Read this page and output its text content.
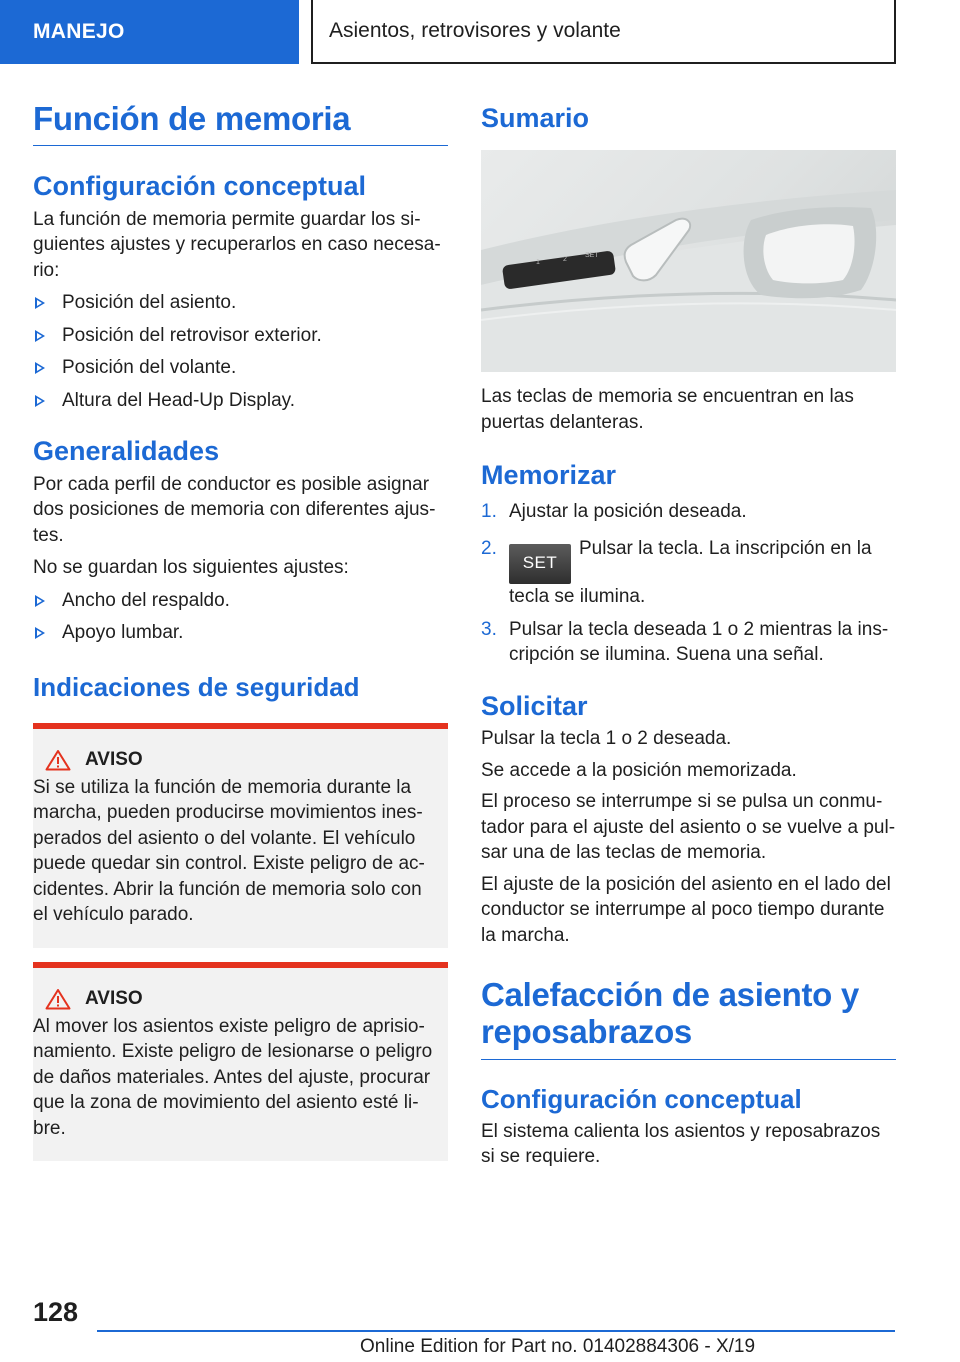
MANEJO	Asientos, retrovisores y volante
Función de memoria
Configuración conceptual

La función de memoria permite guardar los siguientes ajustes y recuperarlos en caso necesario:

Posición del asiento.
Posición del retrovisor exterior.
Posición del volante.
Altura del Head-Up Display.
Generalidades

Por cada perfil de conductor es posible asignar dos posiciones de memoria con diferentes ajustes.

No se guardan los siguientes ajustes:

Ancho del respaldo.
Apoyo lumbar.
Indicaciones de seguridad
AVISO

Si se utiliza la función de memoria durante la marcha, pueden producirse movimientos inesperados del asiento o del volante. El vehículo puede quedar sin control. Existe peligro de accidentes. Abrir la función de memoria solo con el vehículo parado.

AVISO

Al mover los asientos existe peligro de aprisionamiento. Existe peligro de lesionarse o peligro de daños materiales. Antes del ajuste, procurar que la zona de movimiento del asiento esté libre.

Sumario
1	2
SET

Las teclas de memoria se encuentran en las puertas delanteras.

Memorizar
1. Ajustar la posición deseada.
2.
SETPulsar la tecla. La inscripción en la tecla se ilumina.
3. Pulsar la tecla deseada 1 o 2 mientras la inscripción se ilumina. Suena una señal.
Solicitar

Pulsar la tecla 1 o 2 deseada.

Se accede a la posición memorizada.

El proceso se interrumpe si se pulsa un conmutador para el ajuste del asiento o se vuelve a pulsar una de las teclas de memoria.

El ajuste de la posición del asiento en el lado del conductor se interrumpe al poco tiempo durante la marcha.

Calefacción de asiento y reposabrazos
Configuración conceptual

El sistema calienta los asientos y reposabrazos si se requiere.

128
Online Edition for Part no. 01402884306 - X/19
